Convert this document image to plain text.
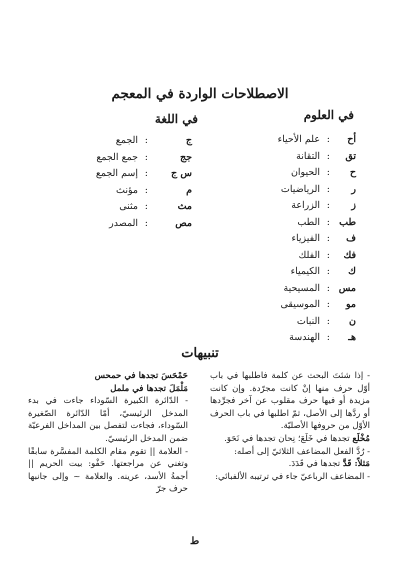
الاصطلاحات الواردة في المعجم
في العلوم
أح:علم الأحياء
تق:التقانة
ح:الحيوان
ر:الرياضيات
ز:الزراعة
طب:الطب
ف:الفيزياء
فك:الفلك
ك:الكيمياء
مس:المسيحية
مو:الموسيقى
ن:النبات
هـ:الهندسة
في اللغة
ج:الجمع
جج:جمع الجمع
س ج:إسم الجمع
م:مؤنث
مث:مثنى
مص:المصدر
تنبيهات

- إذا شئتَ البحث عن كلمة فاطلبها في باب أوّل حرف منها إنْ كانت مجرّدة. وإن كانت مزيدة أو فيها حرف مقلوب عن آخر فجرِّدها أو ردَّها إلى الأصل، ثمّ اطلبها في باب الحرف الأوّل من حروفها الأصليّة.

مُخْلَع تجدها في خَلَعَ؛ نِحان تجدها في نَحَوَ.

- رُدَّ الفعل المضاعف الثلاثيّ إلى أصله:

مَثلاً: قَدَّ تجدها في قَدَدَ.

- المضاعف الرباعيّ جاء في ترتيبه الألفبائي:

حَمْحَسَ تجدها في حمحس

مَلْمَلَ تجدها في ململ

- الدّائرة الكبيرة السّوداء جاءت في بدء المدخل الرئيسيّ، أمّا الدّائرة الصّغيرة السّوداء، فجاءت لتفصل بين المداخل الفرعيّة ضمن المدخل الرئيسيّ.

- العلامة || تقوم مقام الكلمة المفسَّرة سابقًا وتغني عن مراجعتها. حَفْو: بيت الحريم || أجمةُ الأسد، عرينه. والعلامة ~ وإلى جانبها حرف جرّ

ط
